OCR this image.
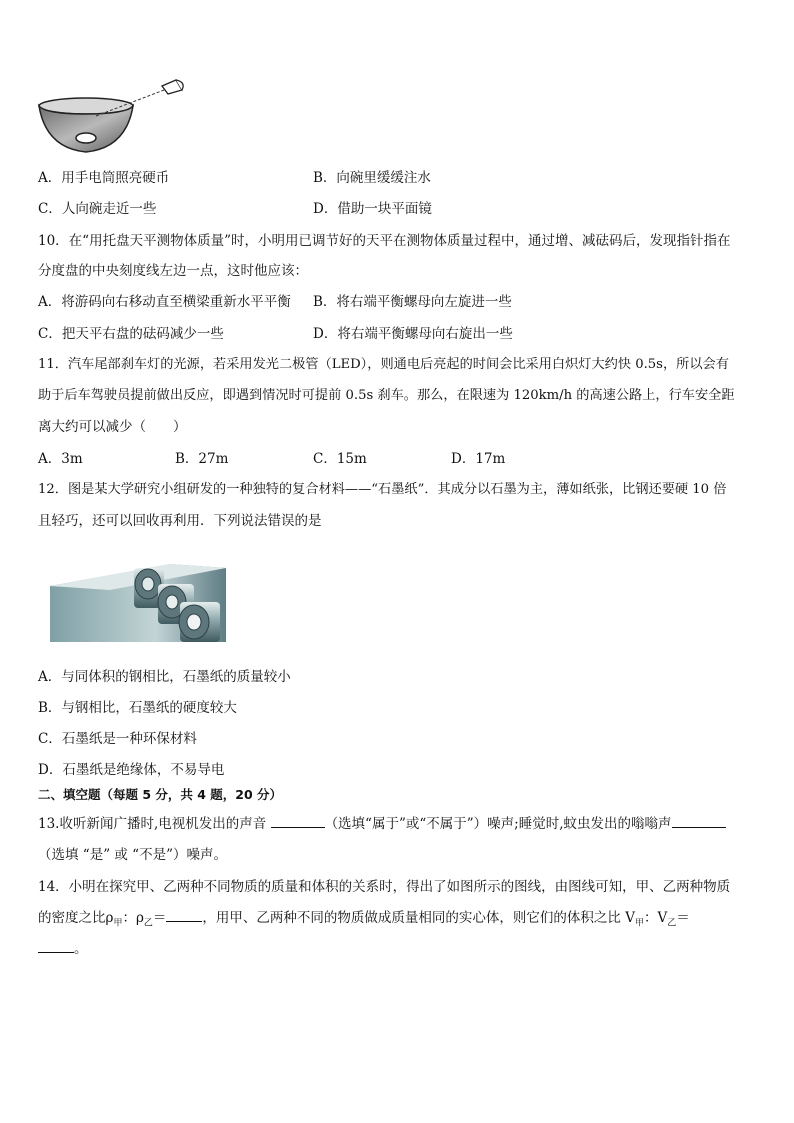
A．用手电筒照亮硬币	B．向碗里缓缓注水
C．人向碗走近一些	D．借助一块平面镜
10．在“用托盘天平测物体质量”时，小明用已调节好的天平在测物体质量过程中，通过增、减砝码后，发现指针指在
分度盘的中央刻度线左边一点，这时他应该：
A．将游码向右移动直至横梁重新水平平衡 B．将右端平衡螺母向左旋进一些
C．把天平右盘的砝码减少一些	D．将右端平衡螺母向右旋出一些
11．汽车尾部刹车灯的光源，若采用发光二极管（LED），则通电后亮起的时间会比采用白炽灯大约快 0.5s，所以会有
助于后车驾驶员提前做出反应，即遇到情况时可提前 0.5s 刹车。那么，在限速为 120km/h 的高速公路上，行车安全距
离大约可以减少（　　）
A．3m	B．27m	C．15m	D．17m
12．图是某大学研究小组研发的一种独特的复合材料——“石墨纸”．其成分以石墨为主，薄如纸张，比钢还要硬 10 倍
且轻巧，还可以回收再利用．下列说法错误的是
A．与同体积的钢相比，石墨纸的质量较小
B．与钢相比，石墨纸的硬度较大
C．石墨纸是一种环保材料
D．石墨纸是绝缘体，不易导电
二、填空题（每题 5 分，共 4 题，20 分）
13.收听新闻广播时,电视机发出的声音	（选填“属于”或“不属于”）噪声;睡觉时,蚊虫发出的嗡嗡声
（选填 “是” 或 “不是”）噪声。
14．小明在探究甲、乙两种不同物质的质量和体积的关系时，得出了如图所示的图线，由图线可知，甲、乙两种物质
的密度之比$\rho_甲$：$\rho_乙=$	，用甲、乙两种不同的物质做成质量相同的实心体，则它们的体积之比 $V_甲$：$V_乙=$
。
